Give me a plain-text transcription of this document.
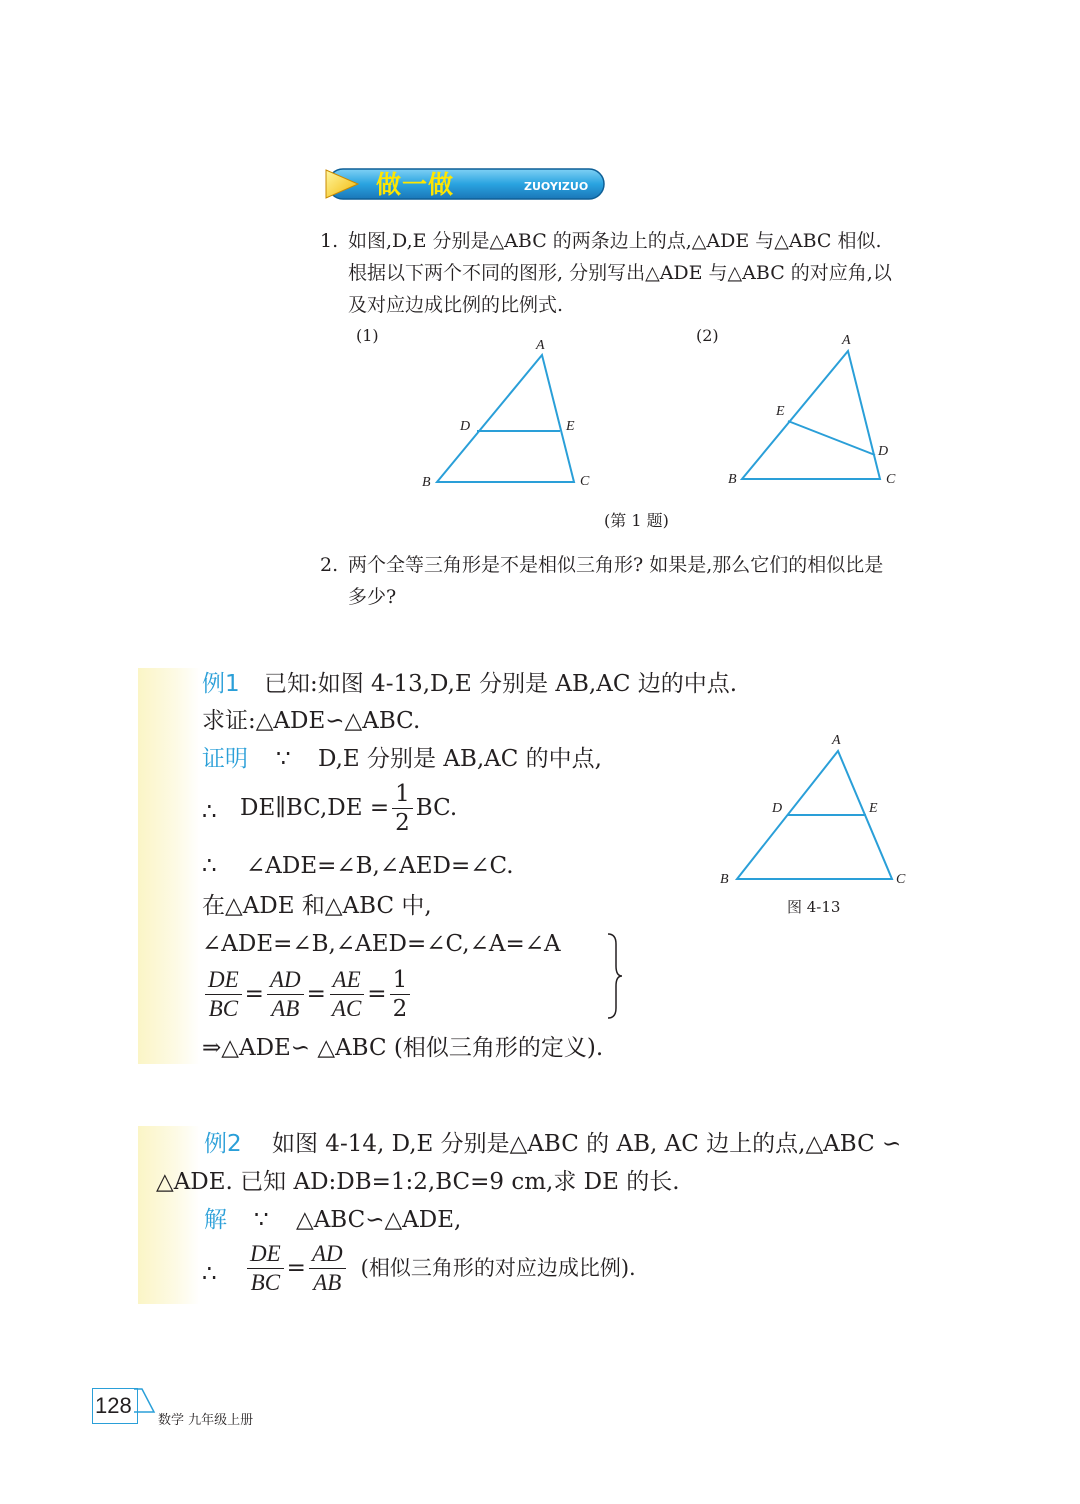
做一做	ZUOYIZUO
1. 如图,D,E 分别是△ABC 的两条边上的点,△ADE 与△ABC 相似.
根据以下两个不同的图形, 分别写出△ADE 与△ABC 的对应角,以
及对应边成比例的比例式.
(1)
A
D	E
B	C
(2)	A
E
D
B	C
(第 1 题)
2. 两个全等三角形是不是相似三角形? 如果是,那么它们的相似比是
多少?
例1 已知:如图 4-13,D,E 分别是 AB,AC 边的中点.
求证:△ADE∽△ABC.
证明 ∵ D,E 分别是 AB,AC 的中点,
∴ DE∥BC,DE = $\frac{1}{2}$ BC.
∴ ∠ADE=∠B,∠AED=∠C.
在△ADE 和△ABC 中,
∠ADE=∠B,∠AED=∠C,∠A=∠A
$\frac{DE}{BC} = \frac{AD}{AB} = \frac{AE}{AC} = \frac{1}{2}$
⇒△ADE∽ △ABC (相似三角形的定义).
A
D	E
B	C
图 4-13
例2 如图 4-14, D,E 分别是△ABC 的 AB, AC 边上的点,△ABC ∽
△ADE. 已知 AD:DB=1:2,BC=9 cm,求 DE 的长.
解 ∵ △ABC∽△ADE,
∴ $\frac{DE}{BC} = \frac{AD}{AB}$ (相似三角形的对应边成比例).
128
数学 九年级上册
